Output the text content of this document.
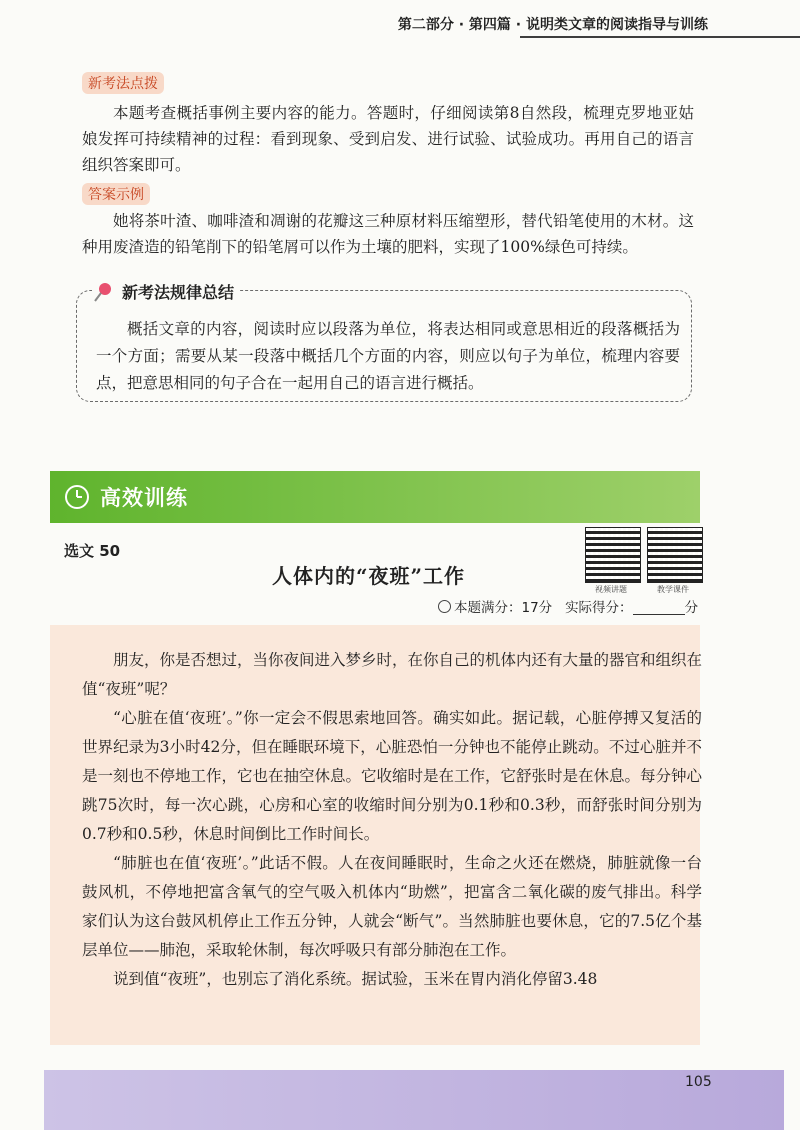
第二部分 · 第四篇 · 说明类文章的阅读指导与训练
新考法点拨

本题考查概括事例主要内容的能力。答题时，仔细阅读第8自然段，梳理克罗地亚姑娘发挥可持续精神的过程：看到现象、受到启发、进行试验、试验成功。再用自己的语言组织答案即可。

答案示例

她将茶叶渣、咖啡渣和凋谢的花瓣这三种原材料压缩塑形，替代铅笔使用的木材。这种用废渣造的铅笔削下的铅笔屑可以作为土壤的肥料，实现了100%绿色可持续。

新考法规律总结

概括文章的内容，阅读时应以段落为单位，将表达相同或意思相近的段落概括为一个方面；需要从某一段落中概括几个方面的内容，则应以句子为单位，梳理内容要点，把意思相同的句子合在一起用自己的语言进行概括。

高效训练
选文 50
人体内的“夜班”工作
视频讲题	教学课件
本题满分：17分 实际得分：	分

朋友，你是否想过，当你夜间进入梦乡时，在你自己的机体内还有大量的器官和组织在值“夜班”呢？

“心脏在值‘夜班’。”你一定会不假思索地回答。确实如此。据记载，心脏停搏又复活的世界纪录为3小时42分，但在睡眠环境下，心脏恐怕一分钟也不能停止跳动。不过心脏并不是一刻也不停地工作，它也在抽空休息。它收缩时是在工作，它舒张时是在休息。每分钟心跳75次时，每一次心跳，心房和心室的收缩时间分别为0.1秒和0.3秒，而舒张时间分别为0.7秒和0.5秒，休息时间倒比工作时间长。

“肺脏也在值‘夜班’。”此话不假。人在夜间睡眠时，生命之火还在燃烧，肺脏就像一台鼓风机，不停地把富含氧气的空气吸入机体内“助燃”，把富含二氧化碳的废气排出。科学家们认为这台鼓风机停止工作五分钟，人就会“断气”。当然肺脏也要休息，它的7.5亿个基层单位——肺泡，采取轮休制，每次呼吸只有部分肺泡在工作。

说到值“夜班”，也别忘了消化系统。据试验，玉米在胃内消化停留3.48

105
